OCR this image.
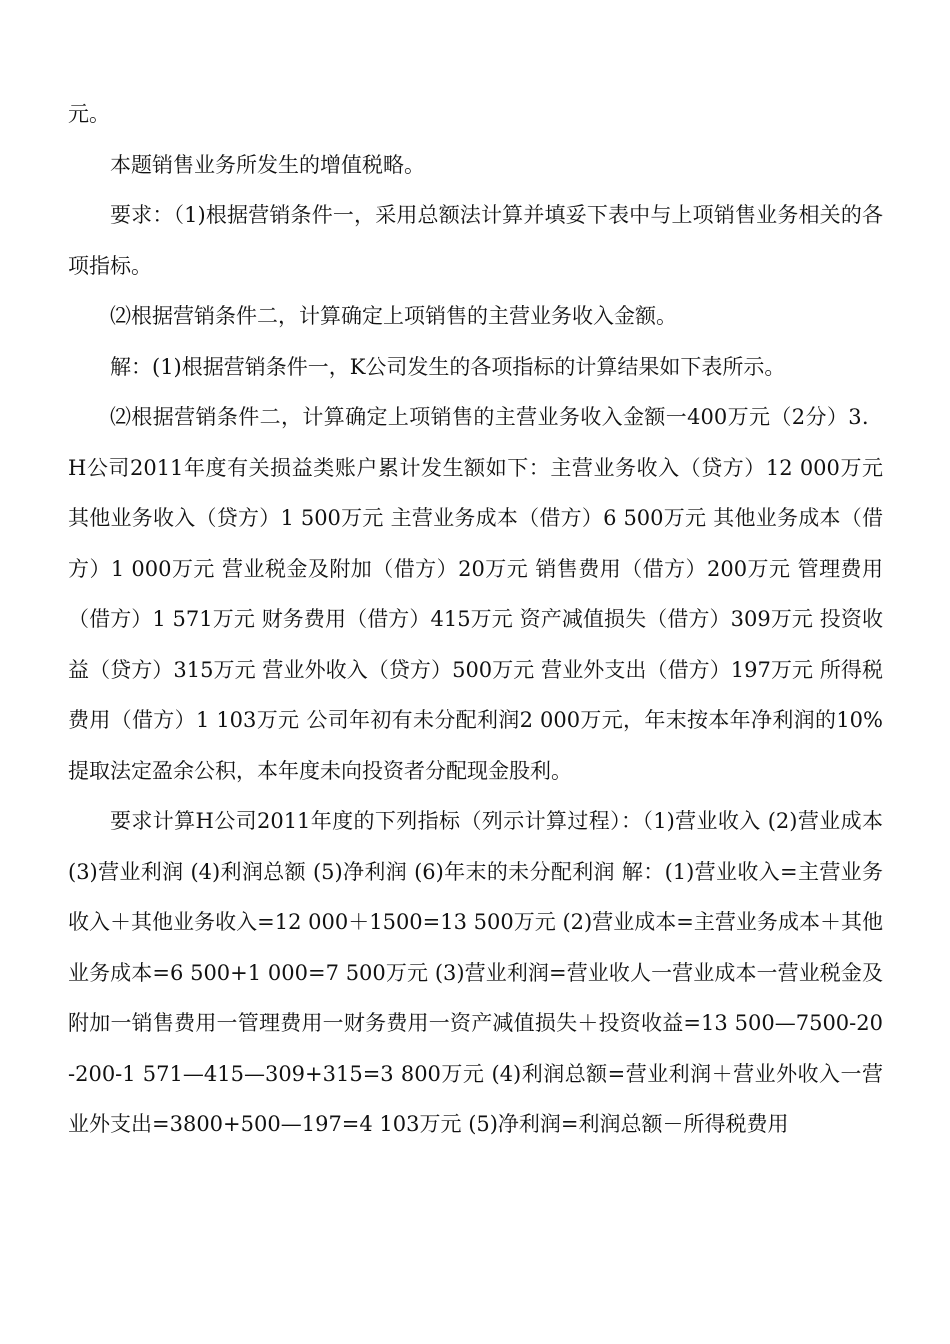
元。

本题销售业务所发生的增值税略。

要求：（1)根据营销条件一，采用总额法计算并填妥下表中与上项销售业务相关的各项指标。

⑵根据营销条件二，计算确定上项销售的主营业务收入金额。

解：(1)根据营销条件一，K公司发生的各项指标的计算结果如下表所示。

⑵根据营销条件二，计算确定上项销售的主营业务收入金额一400万元（2分）3．H公司2011年度有关损益类账户累计发生额如下：主营业务收入（贷方）12 000万元 其他业务收入（贷方）1 500万元 主营业务成本（借方）6 500万元 其他业务成本（借方）1 000万元 营业税金及附加（借方）20万元 销售费用（借方）200万元 管理费用（借方）1 571万元 财务费用（借方）415万元 资产减值损失（借方）309万元 投资收益（贷方）315万元 营业外收入（贷方）500万元 营业外支出（借方）197万元 所得税费用（借方）1 103万元 公司年初有未分配利润2 000万元，年末按本年净利润的10%提取法定盈余公积，本年度未向投资者分配现金股利。

要求计算H公司2011年度的下列指标（列示计算过程）：（1)营业收入 (2)营业成本 (3)营业利润 (4)利润总额 (5)净利润 (6)年末的未分配利润 解：(1)营业收入=主营业务收入＋其他业务收入=12 000＋1500=13 500万元 (2)营业成本=主营业务成本＋其他业务成本=6 500+1 000=7 500万元 (3)营业利润=营业收人一营业成本一营业税金及附加一销售费用一管理费用一财务费用一资产减值损失＋投资收益=13 500—7500-20-200-1 571—415—309+315=3 800万元 (4)利润总额=营业利润＋营业外收入一营业外支出=3800+500—197=4 103万元 (5)净利润=利润总额－所得税费用
